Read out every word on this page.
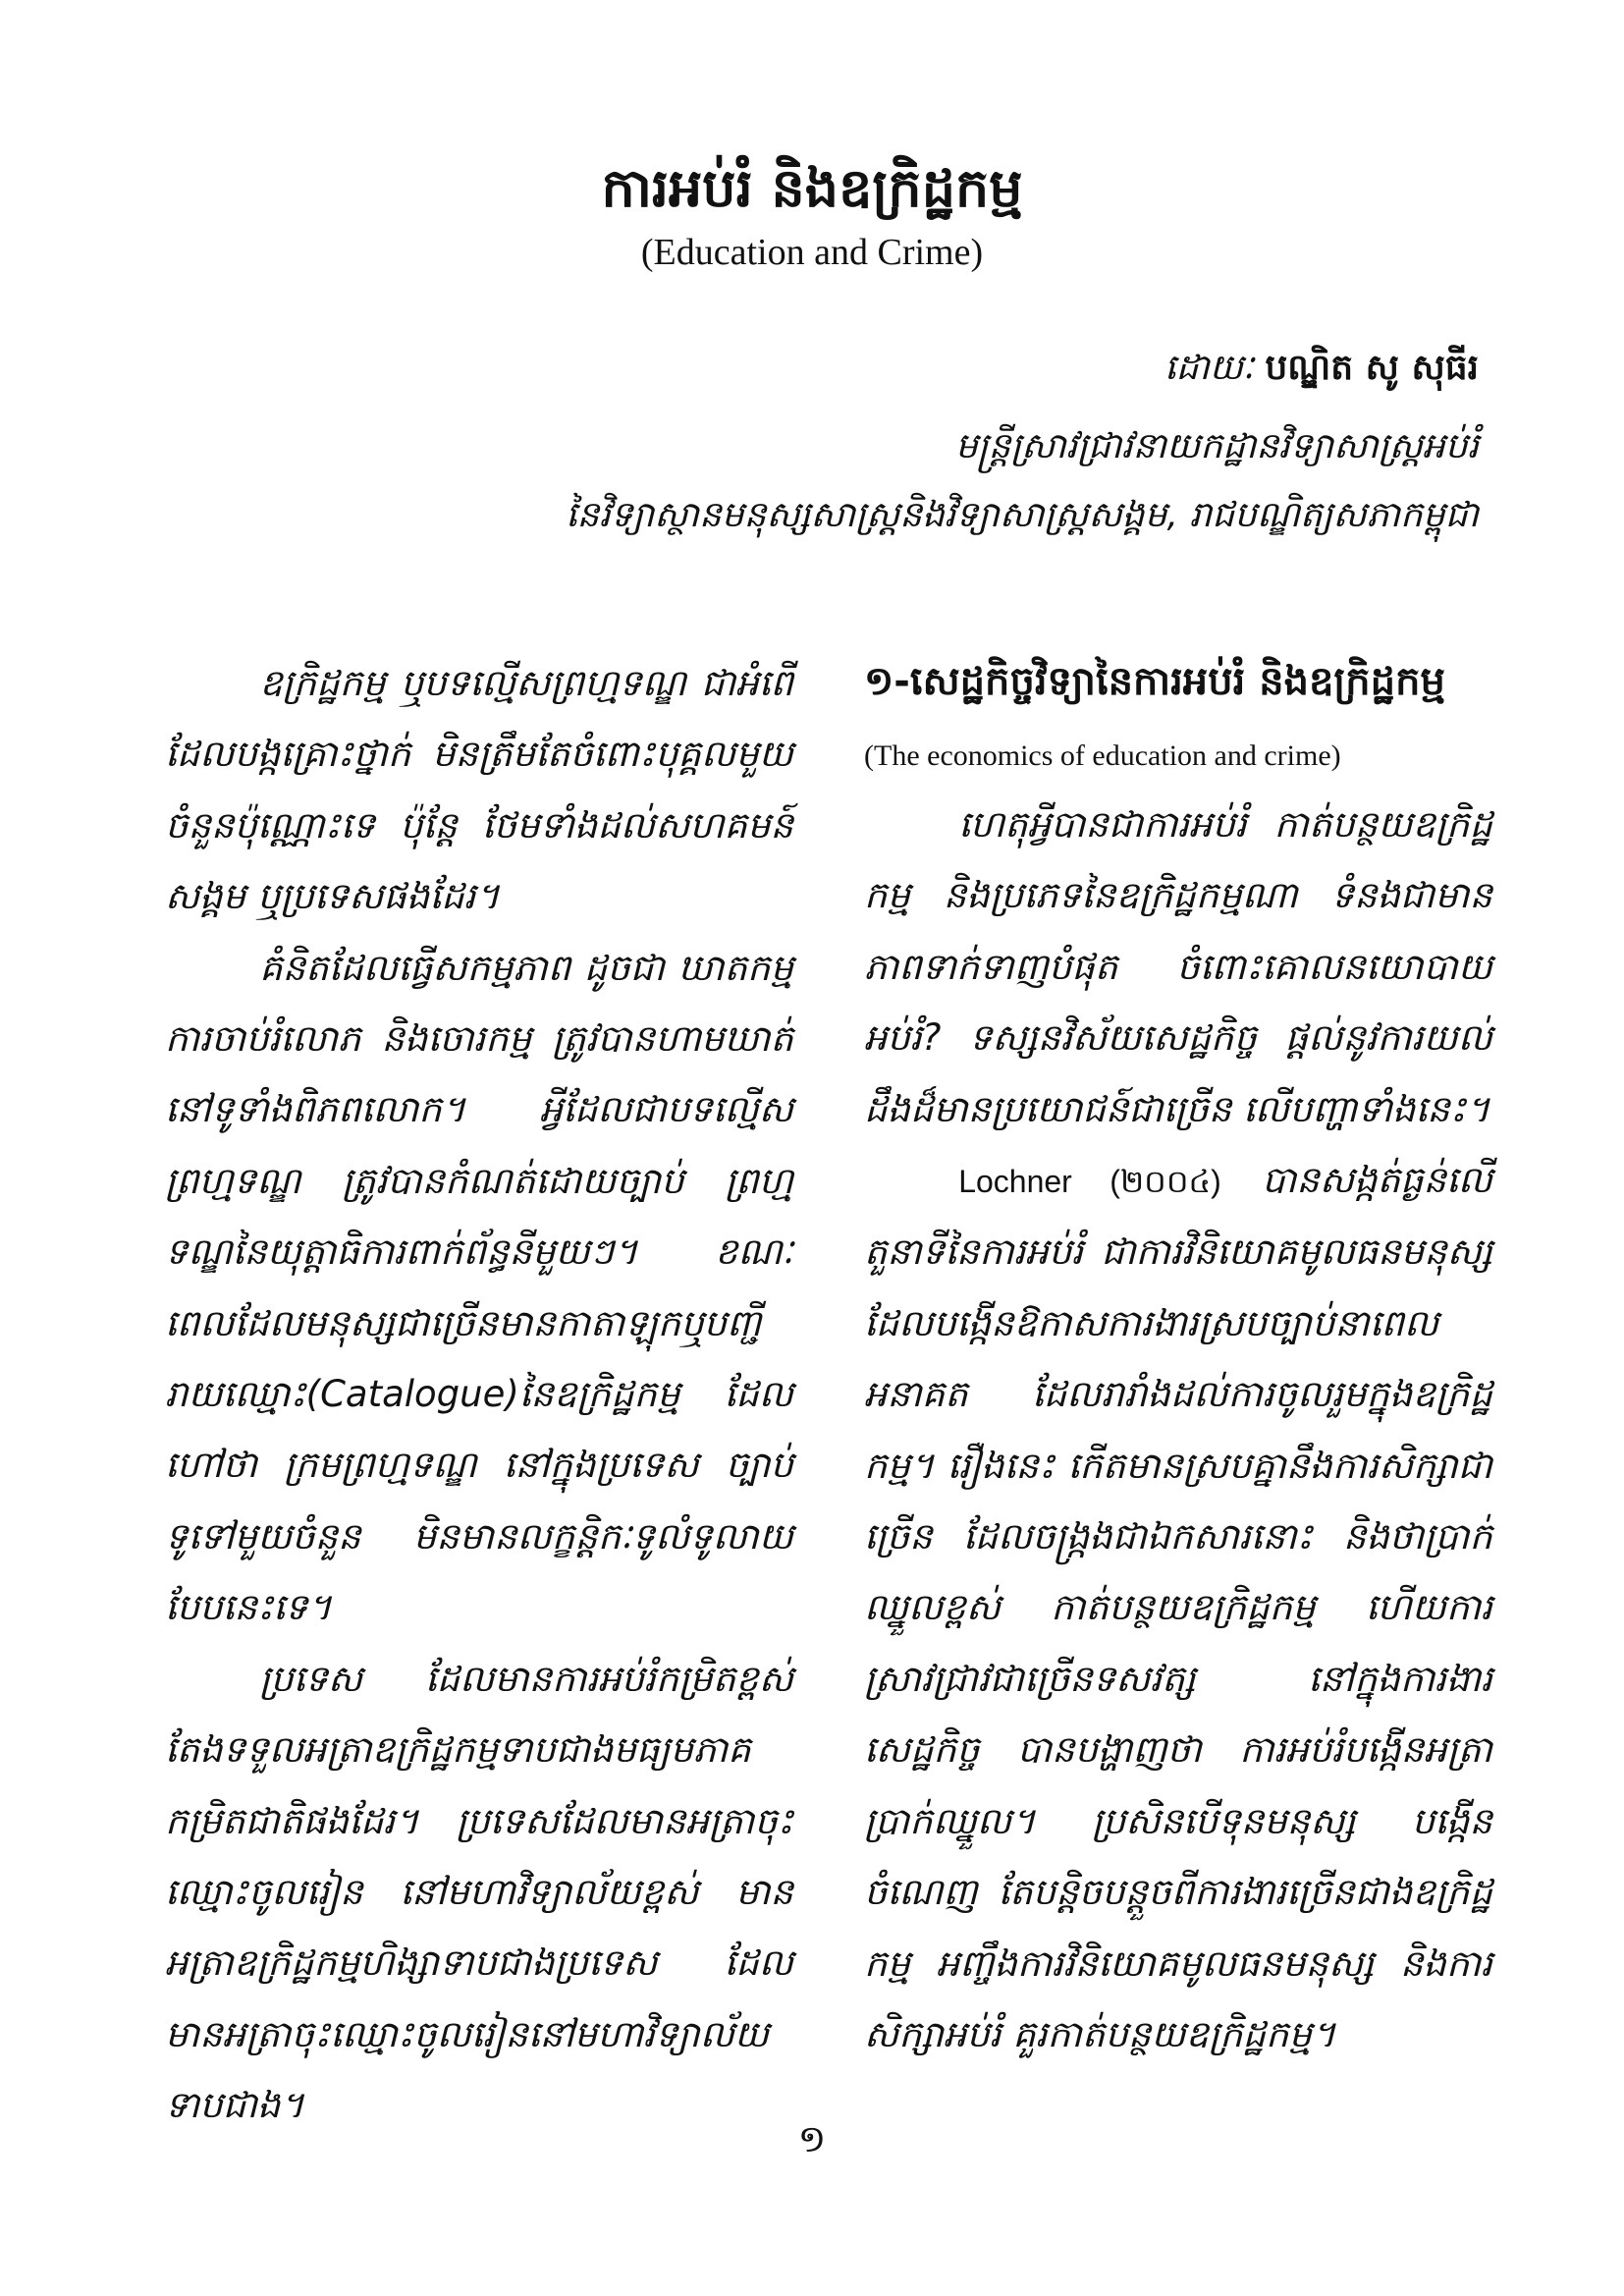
ការអប់រំ និងឧក្រិដ្ឋកម្ម
(Education and Crime)
ដោយៈ បណ្ឌិត សូ សុធីរ
មន្ត្រីស្រាវជ្រាវនាយកដ្ឋានវិទ្យាសាស្ត្រអប់រំ
នៃវិទ្យាស្ថានមនុស្សសាស្ត្រនិងវិទ្យាសាស្ត្រសង្គម, រាជបណ្ឌិត្យសភាកម្ពុជា

ឧក្រិដ្ឋកម្ម ឬបទល្មើសព្រហ្មទណ្ឌ ជាអំពើ ដែលបង្កគ្រោះថ្នាក់ មិនត្រឹមតែចំពោះបុគ្គលមួយចំនួនប៉ុណ្ណោះទេ ប៉ុន្តែ ថែមទាំងដល់សហគមន៍ សង្គម ឬប្រទេសផងដែរ។

គំនិតដែលធ្វើសកម្មភាព ដូចជា ឃាតកម្ម ការចាប់រំលោភ និងចោរកម្ម ត្រូវបានហាមឃាត់នៅទូទាំងពិភពលោក។ អ្វីដែលជាបទល្មើសព្រហ្មទណ្ឌ ត្រូវបានកំណត់ដោយច្បាប់ ព្រហ្មទណ្ឌនៃយុត្តាធិការពាក់ព័ន្ធនីមួយៗ។ ខណៈពេលដែលមនុស្សជាច្រើនមានកាតាឡុកឬបញ្ជីរាយឈ្មោះ(Catalogue)នៃឧក្រិដ្ឋកម្ម ដែលហៅថា ក្រមព្រហ្មទណ្ឌ នៅក្នុងប្រទេស ច្បាប់ទូទៅមួយចំនួន មិនមានលក្ខន្តិកៈទូលំទូលាយបែបនេះទេ។

ប្រទេស ដែលមានការអប់រំកម្រិតខ្ពស់ តែងទទួលអត្រាឧក្រិដ្ឋកម្មទាបជាងមធ្យមភាគកម្រិតជាតិផងដែរ។ ប្រទេសដែលមានអត្រាចុះឈ្មោះចូលរៀន នៅមហាវិទ្យាល័យខ្ពស់ មានអត្រាឧក្រិដ្ឋកម្មហិង្សាទាបជាងប្រទេស ដែលមានអត្រាចុះឈ្មោះចូលរៀននៅមហាវិទ្យាល័យទាបជាង។

១-សេដ្ឋកិច្ចវិទ្យានៃការអប់រំ និងឧក្រិដ្ឋកម្ម (The economics of education and crime)

ហេតុអ្វីបានជាការអប់រំ កាត់បន្ថយឧក្រិដ្ឋកម្ម និងប្រភេទនៃឧក្រិដ្ឋកម្មណា ទំនងជាមានភាពទាក់ទាញបំផុត ចំពោះគោលនយោបាយអប់រំ? ទស្សនវិស័យសេដ្ឋកិច្ច ផ្តល់នូវការយល់ដឹងដ៏មានប្រយោជន៍ជាច្រើន លើបញ្ហាទាំងនេះ។

Lochner (២០០៤) បានសង្កត់ធ្ងន់លើតួនាទីនៃការអប់រំ ជាការវិនិយោគមូលធនមនុស្ស ដែលបង្កើនឱកាសការងារស្របច្បាប់នាពេលអនាគត ដែលរារាំងដល់ការចូលរួមក្នុងឧក្រិដ្ឋកម្ម។ រឿងនេះ កើតមានស្របគ្នានឹងការសិក្សាជាច្រើន ដែលចង្ក្រងជាឯកសារនោះ និងថាប្រាក់ឈ្នួលខ្ពស់ កាត់បន្ថយឧក្រិដ្ឋកម្ម ហើយការស្រាវជ្រាវជាច្រើនទសវត្ស នៅក្នុងការងារសេដ្ឋកិច្ច បានបង្ហាញថា ការអប់រំបង្កើនអត្រាប្រាក់ឈ្នួល។ ប្រសិនបើទុនមនុស្ស បង្កើនចំណេញ តែបន្តិចបន្តួចពីការងារច្រើនជាងឧក្រិដ្ឋកម្ម អញ្ចឹងការវិនិយោគមូលធនមនុស្ស និងការសិក្សាអប់រំ គួរកាត់បន្ថយឧក្រិដ្ឋកម្ម។

១
